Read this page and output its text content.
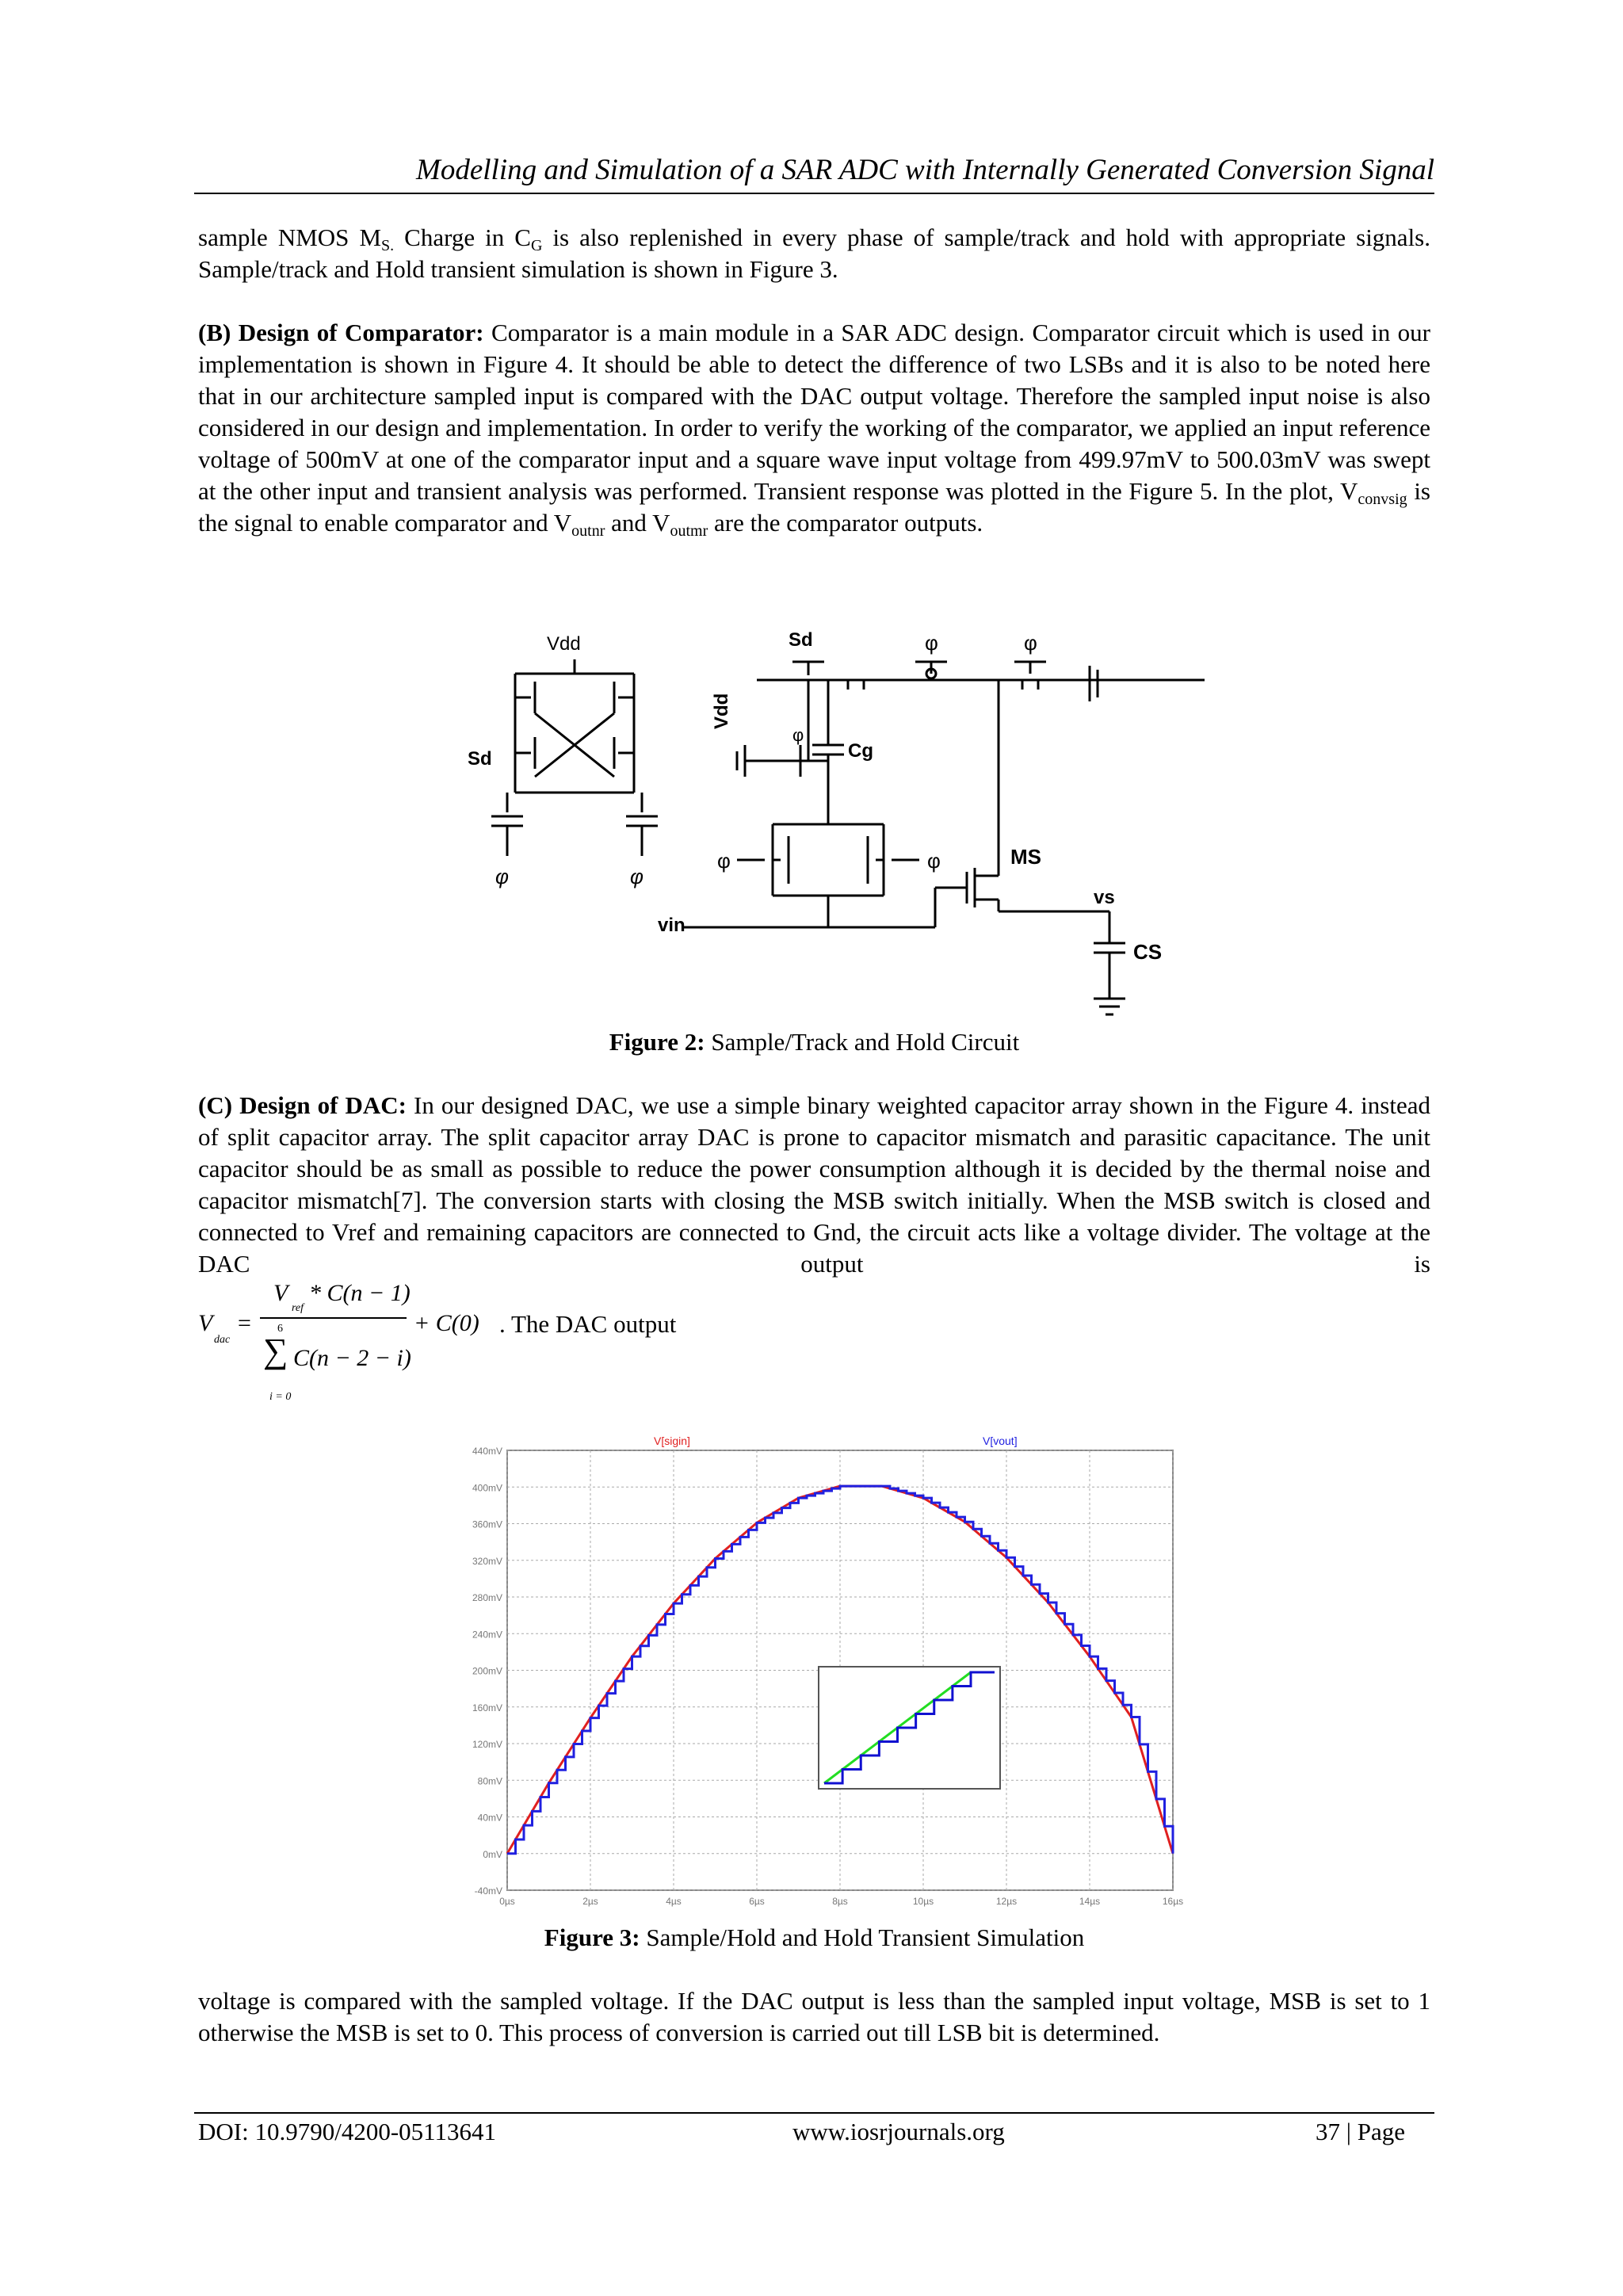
Modelling and Simulation of a SAR ADC with Internally Generated Conversion Signal

sample NMOS $M_{S.}$ Charge in $C_G$ is also replenished in every phase of sample/track and hold with appropriate signals. Sample/track and Hold transient simulation is shown in Figure 3.

(B) Design of Comparator: Comparator is a main module in a SAR ADC design. Comparator circuit which is used in our implementation is shown in Figure 4. It should be able to detect the difference of two LSBs and it is also to be noted here that in our architecture sampled input is compared with the DAC output voltage. Therefore the sampled input noise is also considered in our design and implementation. In order to verify the working of the comparator, we applied an input reference voltage of 500mV at one of the comparator input and a square wave input voltage from 499.97mV to 500.03mV was swept at the other input and transient analysis was performed. Transient response was plotted in the Figure 5. In the plot, $V_{convsig}$ is the signal to enable comparator and $V_{outnr}$ and $V_{outmr}$ are the comparator outputs.

Vdd
Sd
Sd
φ	φ
φ	φ
φ
φ	φ
Cg
MS
vs
CS
vin
Vdd
Figure 2: Sample/Track and Hold Circuit

(C) Design of DAC: In our designed DAC, we use a simple binary weighted capacitor array shown in the Figure 4. instead of split capacitor array. The split capacitor array DAC is prone to capacitor mismatch and parasitic capacitance. The unit capacitor should be as small as possible to reduce the power consumption although it is decided by the thermal noise and capacitor mismatch[7]. The conversion starts with closing the MSB switch initially. When the MSB switch is closed and connected to Vref and remaining capacitors are connected to Gnd, the circuit acts like a voltage divider. The voltage at the DAC output is

V
dac
=
V
ref
* C(n − 1)
6
∑ C(n − 2 − i)
i = 0
+ C(0) . The DAC output
-40mV
0mV
40mV
80mV
120mV
160mV
200mV
240mV
280mV
320mV
360mV
400mV
440mV
0µs	2µs	4µs	6µs	8µs	10µs	12µs	14µs	16µs
V[sigin]	V[vout]
Figure 3: Sample/Hold and Hold Transient Simulation

voltage is compared with the sampled voltage. If the DAC output is less than the sampled input voltage, MSB is set to 1 otherwise the MSB is set to 0. This process of conversion is carried out till LSB bit is determined.

DOI: 10.9790/4200-05113641	www.iosrjournals.org	37 | Page
